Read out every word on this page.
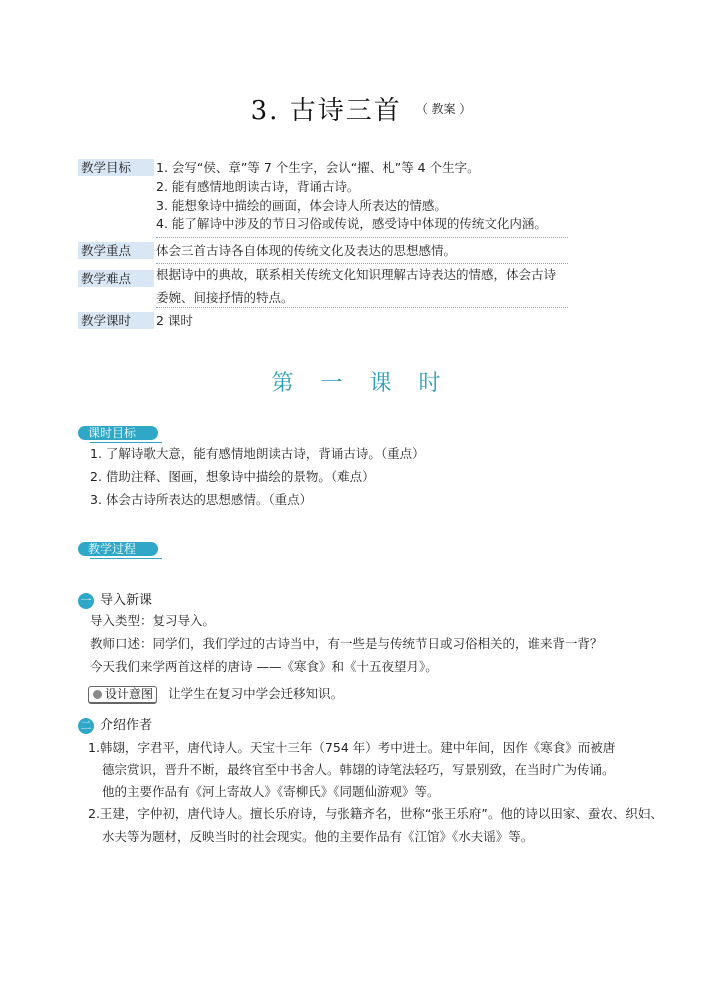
3. 古诗三首 $^{( 教案 )}$
教学目标	1. 会写“侯、章”等 7 个生字，会认“擢、札”等 4 个生字。
2. 能有感情地朗读古诗，背诵古诗。
3. 能想象诗中描绘的画面，体会诗人所表达的情感。
4. 能了解诗中涉及的节日习俗或传说，感受诗中体现的传统文化内涵。
教学重点	体会三首古诗各自体现的传统文化及表达的思想感情。
教学难点	根据诗中的典故，联系相关传统文化知识理解古诗表达的情感，体会古诗
委婉、间接抒情的特点。
教学课时	2 课时
第 一 课 时
课时目标
1. 了解诗歌大意，能有感情地朗读古诗，背诵古诗。（重点）
2. 借助注释、图画，想象诗中描绘的景物。（难点）
3. 体会古诗所表达的思想感情。（重点）
教学过程
一 导入新课
导入类型：复习导入。
教师口述：同学们，我们学过的古诗当中，有一些是与传统节日或习俗相关的，谁来背一背？
今天我们来学两首这样的唐诗 ——《寒食》和《十五夜望月》。
设计意图 让学生在复习中学会迁移知识。
二 介绍作者
1.韩翃，字君平，唐代诗人。天宝十三年（754 年）考中进士。建中年间，因作《寒食》而被唐
德宗赏识，晋升不断，最终官至中书舍人。韩翃的诗笔法轻巧，写景别致，在当时广为传诵。
他的主要作品有《河上寄故人》《寄柳氏》《同题仙游观》等。
2.王建，字仲初，唐代诗人。擅长乐府诗，与张籍齐名，世称“张王乐府”。他的诗以田家、蚕农、织妇、
水夫等为题材，反映当时的社会现实。他的主要作品有《江馆》《水夫谣》等。
